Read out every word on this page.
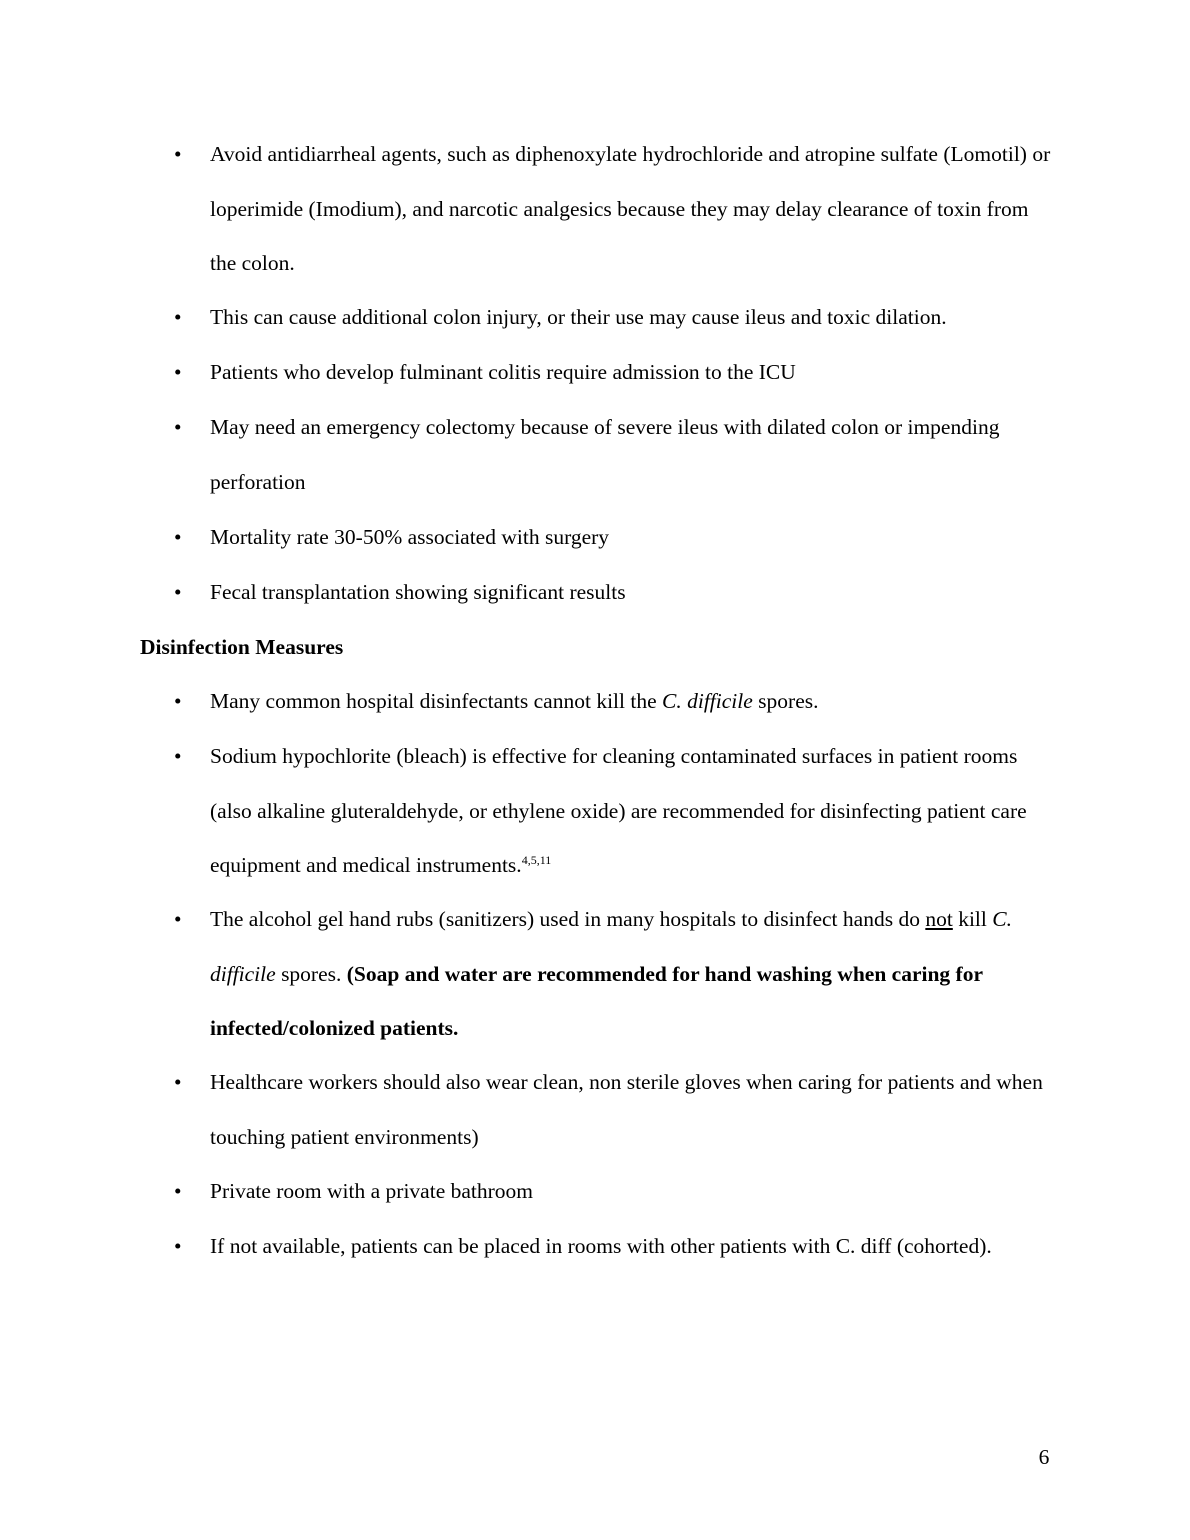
• Avoid antidiarrheal agents, such as diphenoxylate hydrochloride and atropine sulfate (Lomotil) or loperimide (Imodium), and narcotic analgesics because they may delay clearance of toxin from the colon.
• This can cause additional colon injury, or their use may cause ileus and toxic dilation.
• Patients who develop fulminant colitis require admission to the ICU
• May need an emergency colectomy because of severe ileus with dilated colon or impending perforation
• Mortality rate 30-50% associated with surgery
• Fecal transplantation showing significant results
Disinfection Measures
• Many common hospital disinfectants cannot kill the C. difficile spores.
• Sodium hypochlorite (bleach) is effective for cleaning contaminated surfaces in patient rooms (also alkaline gluteraldehyde, or ethylene oxide) are recommended for disinfecting patient care equipment and medical instruments.$^{4,5,11}$
• The alcohol gel hand rubs (sanitizers) used in many hospitals to disinfect hands do not kill C. difficile spores. (Soap and water are recommended for hand washing when caring for infected/colonized patients.
• Healthcare workers should also wear clean, non sterile gloves when caring for patients and when touching patient environments)
• Private room with a private bathroom
• If not available, patients can be placed in rooms with other patients with C. diff (cohorted).
6
